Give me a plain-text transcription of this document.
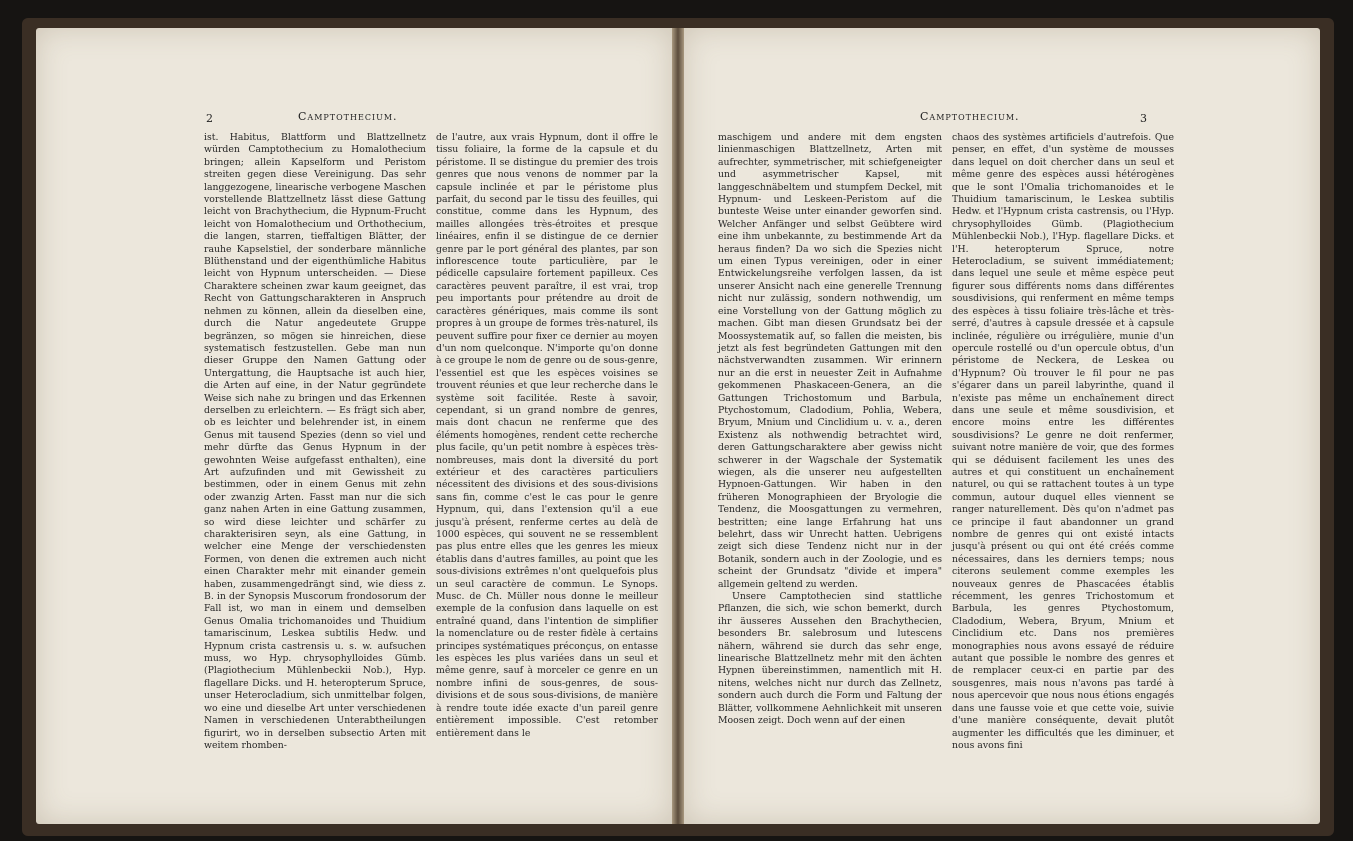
2	Camptothecium.

ist. Habitus, Blattform und Blattzellnetz würden Camptothecium zu Homalothecium bringen; allein Kapselform und Peristom streiten gegen diese Vereinigung. Das sehr langgezogene, linearische verbogene Maschen vorstellende Blattzellnetz lässt diese Gattung leicht von Brachythecium, die Hypnum-Frucht leicht von Homalothecium und Orthothecium, die langen, starren, tieffaltigen Blätter, der rauhe Kapselstiel, der sonderbare männliche Blüthenstand und der eigenthümliche Habitus leicht von Hypnum unterscheiden. — Diese Charaktere scheinen zwar kaum geeignet, das Recht von Gattungscharakteren in Anspruch nehmen zu können, allein da dieselben eine, durch die Natur angedeutete Gruppe begränzen, so mögen sie hinreichen, diese systematisch festzustellen. Gebe man nun dieser Gruppe den Namen Gattung oder Untergattung, die Hauptsache ist auch hier, die Arten auf eine, in der Natur gegründete Weise sich nahe zu bringen und das Erkennen derselben zu erleichtern. — Es frägt sich aber, ob es leichter und belehrender ist, in einem Genus mit tausend Spezies (denn so viel und mehr dürfte das Genus Hypnum in der gewohnten Weise aufgefasst enthalten), eine Art aufzufinden und mit Gewissheit zu bestimmen, oder in einem Genus mit zehn oder zwanzig Arten. Fasst man nur die sich ganz nahen Arten in eine Gattung zusammen, so wird diese leichter und schärfer zu charakterisiren seyn, als eine Gattung, in welcher eine Menge der verschiedensten Formen, von denen die extremen auch nicht einen Charakter mehr mit einander gemein haben, zusammengedrängt sind, wie diess z. B. in der Synopsis Muscorum frondosorum der Fall ist, wo man in einem und demselben Genus Omalia trichomanoides und Thuidium tamariscinum, Leskea subtilis Hedw. und Hypnum crista castrensis u. s. w. aufsuchen muss, wo Hyp. chrysophylloides Gümb. (Plagiothecium Mühlenbeckii Nob.), Hyp. flagellare Dicks. und H. heteropterum Spruce, unser Heterocladium, sich unmittelbar folgen, wo eine und dieselbe Art unter verschiedenen Namen in verschiedenen Unterabtheilungen figurirt, wo in derselben subsectio Arten mit weitem rhomben-

de l'autre, aux vrais Hypnum, dont il offre le tissu foliaire, la forme de la capsule et du péristome. Il se distingue du premier des trois genres que nous venons de nommer par la capsule inclinée et par le péristome plus parfait, du second par le tissu des feuilles, qui constitue, comme dans les Hypnum, des mailles allongées très-étroites et presque linéaires, enfin il se distingue de ce dernier genre par le port général des plantes, par son inflorescence toute particulière, par le pédicelle capsulaire fortement papilleux. Ces caractères peuvent paraître, il est vrai, trop peu importants pour prétendre au droit de caractères génériques, mais comme ils sont propres à un groupe de formes très-naturel, ils peuvent suffire pour fixer ce dernier au moyen d'un nom quelconque. N'importe qu'on donne à ce groupe le nom de genre ou de sous-genre, l'essentiel est que les espèces voisines se trouvent réunies et que leur recherche dans le système soit facilitée. Reste à savoir, cependant, si un grand nombre de genres, mais dont chacun ne renferme que des éléments homogènes, rendent cette recherche plus facile, qu'un petit nombre à espèces très-nombreuses, mais dont la diversité du port extérieur et des caractères particuliers nécessitent des divisions et des sous-divisions sans fin, comme c'est le cas pour le genre Hypnum, qui, dans l'extension qu'il a eue jusqu'à présent, renferme certes au delà de 1000 espèces, qui souvent ne se ressemblent pas plus entre elles que les genres les mieux établis dans d'autres familles, au point que les sous-divisions extrêmes n'ont quelquefois plus un seul caractère de commun. Le Synops. Musc. de Ch. Müller nous donne le meilleur exemple de la confusion dans laquelle on est entraîné quand, dans l'intention de simplifier la nomenclature ou de rester fidèle à certains principes systématiques préconçus, on entasse les espèces les plus variées dans un seul et même genre, sauf à morceler ce genre en un nombre infini de sous-genres, de sous-divisions et de sous sous-divisions, de manière à rendre toute idée exacte d'un pareil genre entièrement impossible. C'est retomber entièrement dans le

Camptothecium.	3

maschigem und andere mit dem engsten linienmaschigen Blattzellnetz, Arten mit aufrechter, symmetrischer, mit schiefgeneigter und asymmetrischer Kapsel, mit langgeschnäbeltem und stumpfem Deckel, mit Hypnum- und Leskeen-Peristom auf die bunteste Weise unter einander geworfen sind. Welcher Anfänger und selbst Geübtere wird eine ihm unbekannte, zu bestimmende Art da heraus finden? Da wo sich die Spezies nicht um einen Typus vereinigen, oder in einer Entwickelungsreihe verfolgen lassen, da ist unserer Ansicht nach eine generelle Trennung nicht nur zulässig, sondern nothwendig, um eine Vorstellung von der Gattung möglich zu machen. Gibt man diesen Grundsatz bei der Moossystematik auf, so fallen die meisten, bis jetzt als fest begründeten Gattungen mit den nächstverwandten zusammen. Wir erinnern nur an die erst in neuester Zeit in Aufnahme gekommenen Phaskaceen-Genera, an die Gattungen Trichostomum und Barbula, Ptychostomum, Cladodium, Pohlia, Webera, Bryum, Mnium und Cinclidium u. v. a., deren Existenz als nothwendig betrachtet wird, deren Gattungscharaktere aber gewiss nicht schwerer in der Wagschale der Systematik wiegen, als die unserer neu aufgestellten Hypnoen-Gattungen. Wir haben in den früheren Monographieen der Bryologie die Tendenz, die Moosgattungen zu vermehren, bestritten; eine lange Erfahrung hat uns belehrt, dass wir Unrecht hatten. Uebrigens zeigt sich diese Tendenz nicht nur in der Botanik, sondern auch in der Zoologie, und es scheint der Grundsatz "divide et impera" allgemein geltend zu werden.

Unsere Camptothecien sind stattliche Pflanzen, die sich, wie schon bemerkt, durch ihr äusseres Aussehen den Brachythecien, besonders Br. salebrosum und lutescens nähern, während sie durch das sehr enge, linearische Blattzellnetz mehr mit den ächten Hypnen übereinstimmen, namentlich mit H. nitens, welches nicht nur durch das Zellnetz, sondern auch durch die Form und Faltung der Blätter, vollkommene Aehnlichkeit mit unseren Moosen zeigt. Doch wenn auf der einen

chaos des systèmes artificiels d'autrefois. Que penser, en effet, d'un système de mousses dans lequel on doit chercher dans un seul et même genre des espèces aussi hétérogènes que le sont l'Omalia trichomanoides et le Thuidium tamariscinum, le Leskea subtilis Hedw. et l'Hypnum crista castrensis, ou l'Hyp. chrysophylloides Gümb. (Plagiothecium Mühlenbeckii Nob.), l'Hyp. flagellare Dicks. et l'H. heteropterum Spruce, notre Heterocladium, se suivent immédiatement; dans lequel une seule et même espèce peut figurer sous différents noms dans différentes sousdivisions, qui renferment en même temps des espèces à tissu foliaire très-lâche et très-serré, d'autres à capsule dressée et à capsule inclinée, régulière ou irrégulière, munie d'un opercule rostellé ou d'un opercule obtus, d'un péristome de Neckera, de Leskea ou d'Hypnum? Où trouver le fil pour ne pas s'égarer dans un pareil labyrinthe, quand il n'existe pas même un enchaînement direct dans une seule et même sousdivision, et encore moins entre les différentes sousdivisions? Le genre ne doit renfermer, suivant notre manière de voir, que des formes qui se déduisent facilement les unes des autres et qui constituent un enchaînement naturel, ou qui se rattachent toutes à un type commun, autour duquel elles viennent se ranger naturellement. Dès qu'on n'admet pas ce principe il faut abandonner un grand nombre de genres qui ont existé intacts jusqu'à présent ou qui ont été créés comme nécessaires, dans les derniers temps; nous citerons seulement comme exemples les nouveaux genres de Phascacées établis récemment, les genres Trichostomum et Barbula, les genres Ptychostomum, Cladodium, Webera, Bryum, Mnium et Cinclidium etc. Dans nos premières monographies nous avons essayé de réduire autant que possible le nombre des genres et de remplacer ceux-ci en partie par des sousgenres, mais nous n'avons pas tardé à nous apercevoir que nous nous étions engagés dans une fausse voie et que cette voie, suivie d'une manière conséquente, devait plutôt augmenter les difficultés que les diminuer, et nous avons fini
